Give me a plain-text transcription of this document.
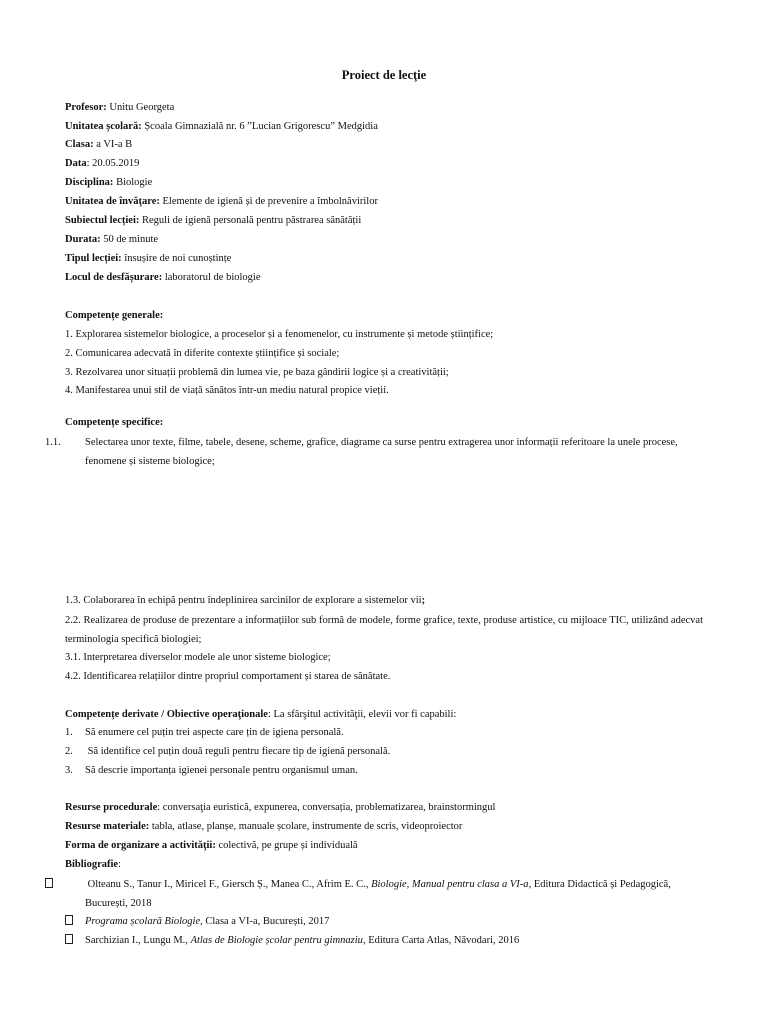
Proiect de lecţie
Profesor: Unitu Georgeta
Unitatea școlară: Școala Gimnazială nr. 6 ”Lucian Grigorescu” Medgidia
Clasa: a VI-a B
Data: 20.05.2019
Disciplina: Biologie
Unitatea de învăţare: Elemente de igienă și de prevenire a îmbolnăvirilor
Subiectul lecției: Reguli de igienă personală pentru păstrarea sănătății
Durata: 50 de minute
Tipul lecției: însușire de noi cunoștințe
Locul de desfășurare: laboratorul de biologie
Competențe generale:
1. Explorarea sistemelor biologice, a proceselor și a fenomenelor, cu instrumente și metode științifice;
2. Comunicarea adecvată în diferite contexte științifice și sociale;
3. Rezolvarea unor situații problemă din lumea vie, pe baza gândirii logice și a creativității;
4. Manifestarea unui stil de viață sănătos într-un mediu natural propice vieții.
Competențe specifice:
1.1. Selectarea unor texte, filme, tabele, desene, scheme, grafice, diagrame ca surse pentru extragerea unor informații referitoare la unele procese, fenomene și sisteme biologice;
1.3. Colaborarea în echipă pentru îndeplinirea sarcinilor de explorare a sistemelor vii;
2.2. Realizarea de produse de prezentare a informațiilor sub formă de modele, forme grafice, texte, produse artistice, cu mijloace TIC, utilizând adecvat terminologia specifică biologiei;
3.1. Interpretarea diverselor modele ale unor sisteme biologice;
4.2. Identificarea relațiilor dintre propriul comportament și starea de sănătate.
Competențe derivate / Obiective operaţionale: La sfârşitul activităţii, elevii vor fi capabili:
1. Să enumere cel puțin trei aspecte care țin de igiena personală.
2. Să identifice cel puțin două reguli pentru fiecare tip de igienă personală.
3. Să descrie importanța igienei personale pentru organismul uman.
Resurse procedurale: conversaţia euristică, expunerea, conversația, problematizarea, brainstormingul
Resurse materiale: tabla, atlase, planșe, manuale școlare, instrumente de scris, videoproiector
Forma de organizare a activităţii: colectivă, pe grupe și individuală
Bibliografie:
Olteanu S., Tanur I., Miricel F., Giersch Ș., Manea C., Afrim E. C., Biologie, Manual pentru clasa a VI-a, Editura Didactică și Pedagogică, București, 2018
Programa școlară Biologie, Clasa a VI-a, București, 2017
Sarchizian I., Lungu M., Atlas de Biologie școlar pentru gimnaziu, Editura Carta Atlas, Năvodari, 2016
